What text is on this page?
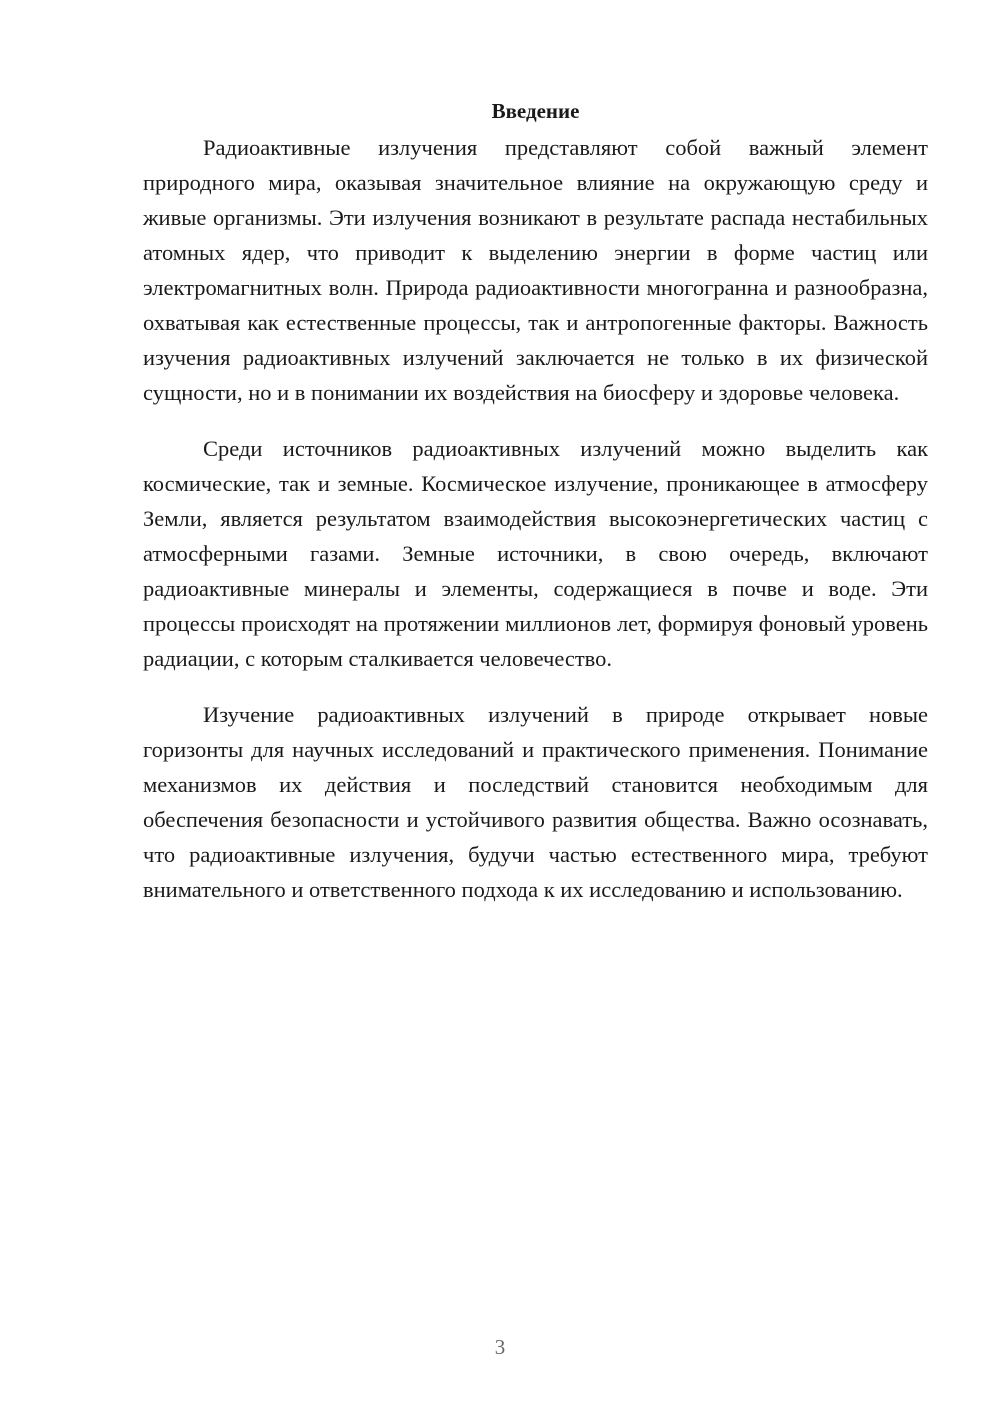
Введение

Радиоактивные излучения представляют собой важный элемент природного мира, оказывая значительное влияние на окружающую среду и живые организмы. Эти излучения возникают в результате распада нестабильных атомных ядер, что приводит к выделению энергии в форме частиц или электромагнитных волн. Природа радиоактивности многогранна и разнообразна, охватывая как естественные процессы, так и антропогенные факторы. Важность изучения радиоактивных излучений заключается не только в их физической сущности, но и в понимании их воздействия на биосферу и здоровье человека.

Среди источников радиоактивных излучений можно выделить как космические, так и земные. Космическое излучение, проникающее в атмосферу Земли, является результатом взаимодействия высокоэнергетических частиц с атмосферными газами. Земные источники, в свою очередь, включают радиоактивные минералы и элементы, содержащиеся в почве и воде. Эти процессы происходят на протяжении миллионов лет, формируя фоновый уровень радиации, с которым сталкивается человечество.

Изучение радиоактивных излучений в природе открывает новые горизонты для научных исследований и практического применения. Понимание механизмов их действия и последствий становится необходимым для обеспечения безопасности и устойчивого развития общества. Важно осознавать, что радиоактивные излучения, будучи частью естественного мира, требуют внимательного и ответственного подхода к их исследованию и использованию.

3
